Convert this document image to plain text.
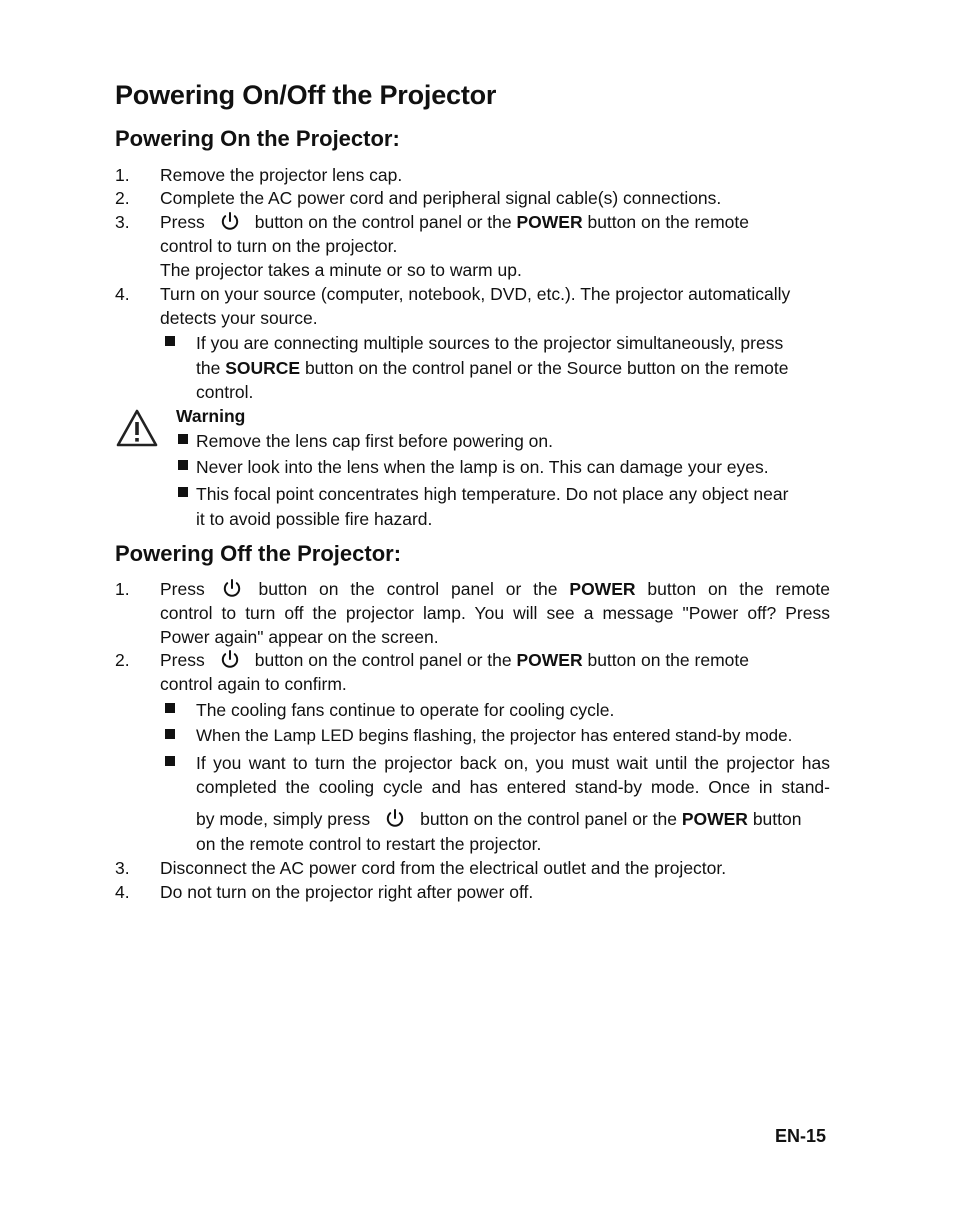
Powering On/Off the Projector
Powering On the Projector:
1. Remove the projector lens cap.
2. Complete the AC power cord and peripheral signal cable(s) connections.
3. Press	button on the control panel or the POWER button on the remote
control to turn on the projector.
The projector takes a minute or so to warm up.
4. Turn on your source (computer, notebook, DVD, etc.). The projector automatically
detects your source.
If you are connecting multiple sources to the projector simultaneously, press
the SOURCE button on the control panel or the Source button on the remote
control.
Warning
Remove the lens cap first before powering on.
Never look into the lens when the lamp is on. This can damage your eyes.
This focal point concentrates high temperature. Do not place any object near
it to avoid possible fire hazard.
Powering Off the Projector:
1. Press	button on the control panel or the POWER button on the remote
control to turn off the projector lamp. You will see a message "Power off? Press
Power again" appear on the screen.
2. Press	button on the control panel or the POWER button on the remote
control again to confirm.
The cooling fans continue to operate for cooling cycle.
When the Lamp LED begins flashing, the projector has entered stand-by mode.
If you want to turn the projector back on, you must wait until the projector has
completed the cooling cycle and has entered stand-by mode. Once in stand-
by mode, simply press	button on the control panel or the POWER button
on the remote control to restart the projector.
3. Disconnect the AC power cord from the electrical outlet and the projector.
4. Do not turn on the projector right after power off.
EN-15
